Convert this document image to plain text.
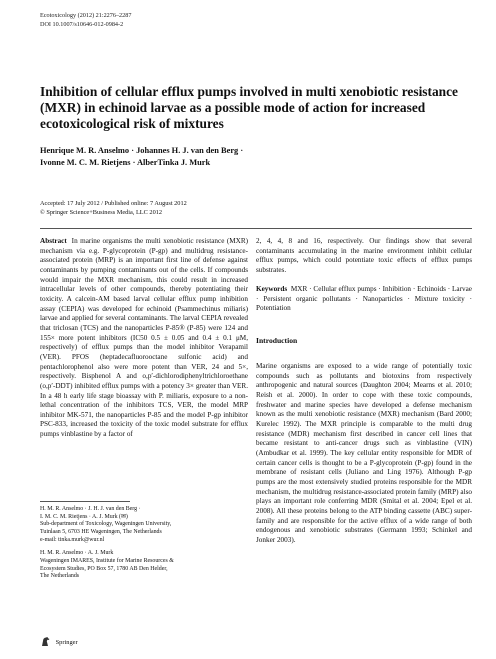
Ecotoxicology (2012) 21:2276–2287
DOI 10.1007/s10646-012-0984-2
Inhibition of cellular efflux pumps involved in multi xenobiotic resistance (MXR) in echinoid larvae as a possible mode of action for increased ecotoxicological risk of mixtures
Henrique M. R. Anselmo · Johannes H. J. van den Berg ·
Ivonne M. C. M. Rietjens · AlberTinka J. Murk
Accepted: 17 July 2012 / Published online: 7 August 2012
© Springer Science+Business Media, LLC 2012

Abstract In marine organisms the multi xenobiotic resistance (MXR) mechanism via e.g. P-glycoprotein (P-gp) and multidrug resistance-associated protein (MRP) is an important first line of defense against contaminants by pumping contaminants out of the cells. If compounds would impair the MXR mechanism, this could result in increased intracellular levels of other compounds, thereby potentiating their toxicity. A calcein-AM based larval cellular efflux pump inhibition assay (CEPIA) was developed for echinoid (Psammechinus miliaris) larvae and applied for several contaminants. The larval CEPIA revealed that triclosan (TCS) and the nanoparticles P-85® (P-85) were 124 and 155× more potent inhibitors (IC50 0.5 ± 0.05 and 0.4 ± 0.1 μM, respectively) of efflux pumps than the model inhibitor Verapamil (VER). PFOS (heptadecafluorooctane sulfonic acid) and pentachlorophenol also were more potent than VER, 24 and 5×, respectively. Bisphenol A and o,p′-dichlorodiphenyltrichloroethane (o,p′-DDT) inhibited efflux pumps with a potency 3× greater than VER. In a 48 h early life stage bioassay with P. miliaris, exposure to a non-lethal concentration of the inhibitors TCS, VER, the model MRP inhibitor MK-571, the nanoparticles P-85 and the model P-gp inhibitor PSC-833, increased the toxicity of the toxic model substrate for efflux pumps vinblastine by a factor of

2, 4, 4, 8 and 16, respectively. Our findings show that several contaminants accumulating in the marine environment inhibit cellular efflux pumps, which could potentiate toxic effects of efflux pumps substrates.

Keywords MXR · Cellular efflux pumps · Inhibition · Echinoids · Larvae · Persistent organic pollutants · Nanoparticles · Mixture toxicity · Potentiation

Introduction

Marine organisms are exposed to a wide range of potentially toxic compounds such as pollutants and biotoxins from respectively anthropogenic and natural sources (Daughton 2004; Mearns et al. 2010; Reish et al. 2000). In order to cope with these toxic compounds, freshwater and marine species have developed a defense mechanism known as the multi xenobiotic resistance (MXR) mechanism (Bard 2000; Kurelec 1992). The MXR principle is comparable to the multi drug resistance (MDR) mechanism first described in cancer cell lines that became resistant to anti-cancer drugs such as vinblastine (VIN) (Ambudkar et al. 1999). The key cellular entity responsible for MDR of certain cancer cells is thought to be a P-glycoprotein (P-gp) found in the membrane of resistant cells (Juliano and Ling 1976). Although P-gp pumps are the most extensively studied proteins responsible for the MDR mechanism, the multidrug resistance-associated protein family (MRP) also plays an important role conferring MDR (Smital et al. 2004; Epel et al. 2008). All these proteins belong to the ATP binding cassette (ABC) super-family and are responsible for the active efflux of a wide range of both endogenous and xenobiotic substrates (Germann 1993; Schinkel and Jonker 2003).

H. M. R. Anselmo · J. H. J. van den Berg ·

I. M. C. M. Rietjens · A. J. Murk (✉)

Sub-department of Toxicology, Wageningen University,

Tuinlaan 5, 6703 HE Wageningen, The Netherlands

e-mail: tinka.murk@wur.nl

H. M. R. Anselmo · A. J. Murk

Wageningen IMARES, Institute for Marine Resources &

Ecosystem Studies, PO Box 57, 1780 AB Den Helder,

The Netherlands

Springer
